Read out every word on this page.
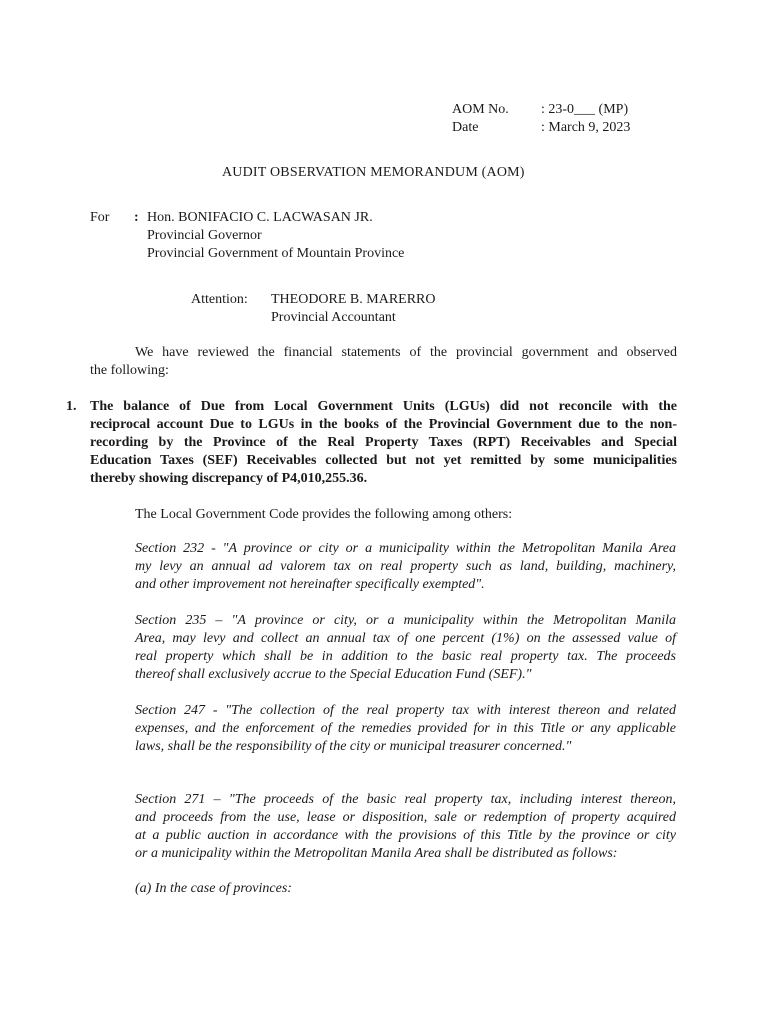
AOM No. : 23-0___ (MP)
Date	: March 9, 2023
AUDIT OBSERVATION MEMORANDUM (AOM)
For : Hon. BONIFACIO C. LACWASAN JR.
Provincial Governor
Provincial Government of Mountain Province
Attention: THEODORE B. MARERRO
Provincial Accountant
We have reviewed the financial statements of the provincial government and observed
the following:
1. The balance of Due from Local Government Units (LGUs) did not reconcile with the
reciprocal account Due to LGUs in the books of the Provincial Government due to the non-
recording by the Province of the Real Property Taxes (RPT) Receivables and Special
Education Taxes (SEF) Receivables collected but not yet remitted by some municipalities
thereby showing discrepancy of P4,010,255.36.
The Local Government Code provides the following among others:
Section 232 - "A province or city or a municipality within the Metropolitan Manila Area
my levy an annual ad valorem tax on real property such as land, building, machinery,
and other improvement not hereinafter specifically exempted".
Section 235 – "A province or city, or a municipality within the Metropolitan Manila
Area, may levy and collect an annual tax of one percent (1%) on the assessed value of
real property which shall be in addition to the basic real property tax. The proceeds
thereof shall exclusively accrue to the Special Education Fund (SEF)."
Section 247 - "The collection of the real property tax with interest thereon and related
expenses, and the enforcement of the remedies provided for in this Title or any applicable
laws, shall be the responsibility of the city or municipal treasurer concerned."
Section 271 – "The proceeds of the basic real property tax, including interest thereon,
and proceeds from the use, lease or disposition, sale or redemption of property acquired
at a public auction in accordance with the provisions of this Title by the province or city
or a municipality within the Metropolitan Manila Area shall be distributed as follows:
(a) In the case of provinces:
